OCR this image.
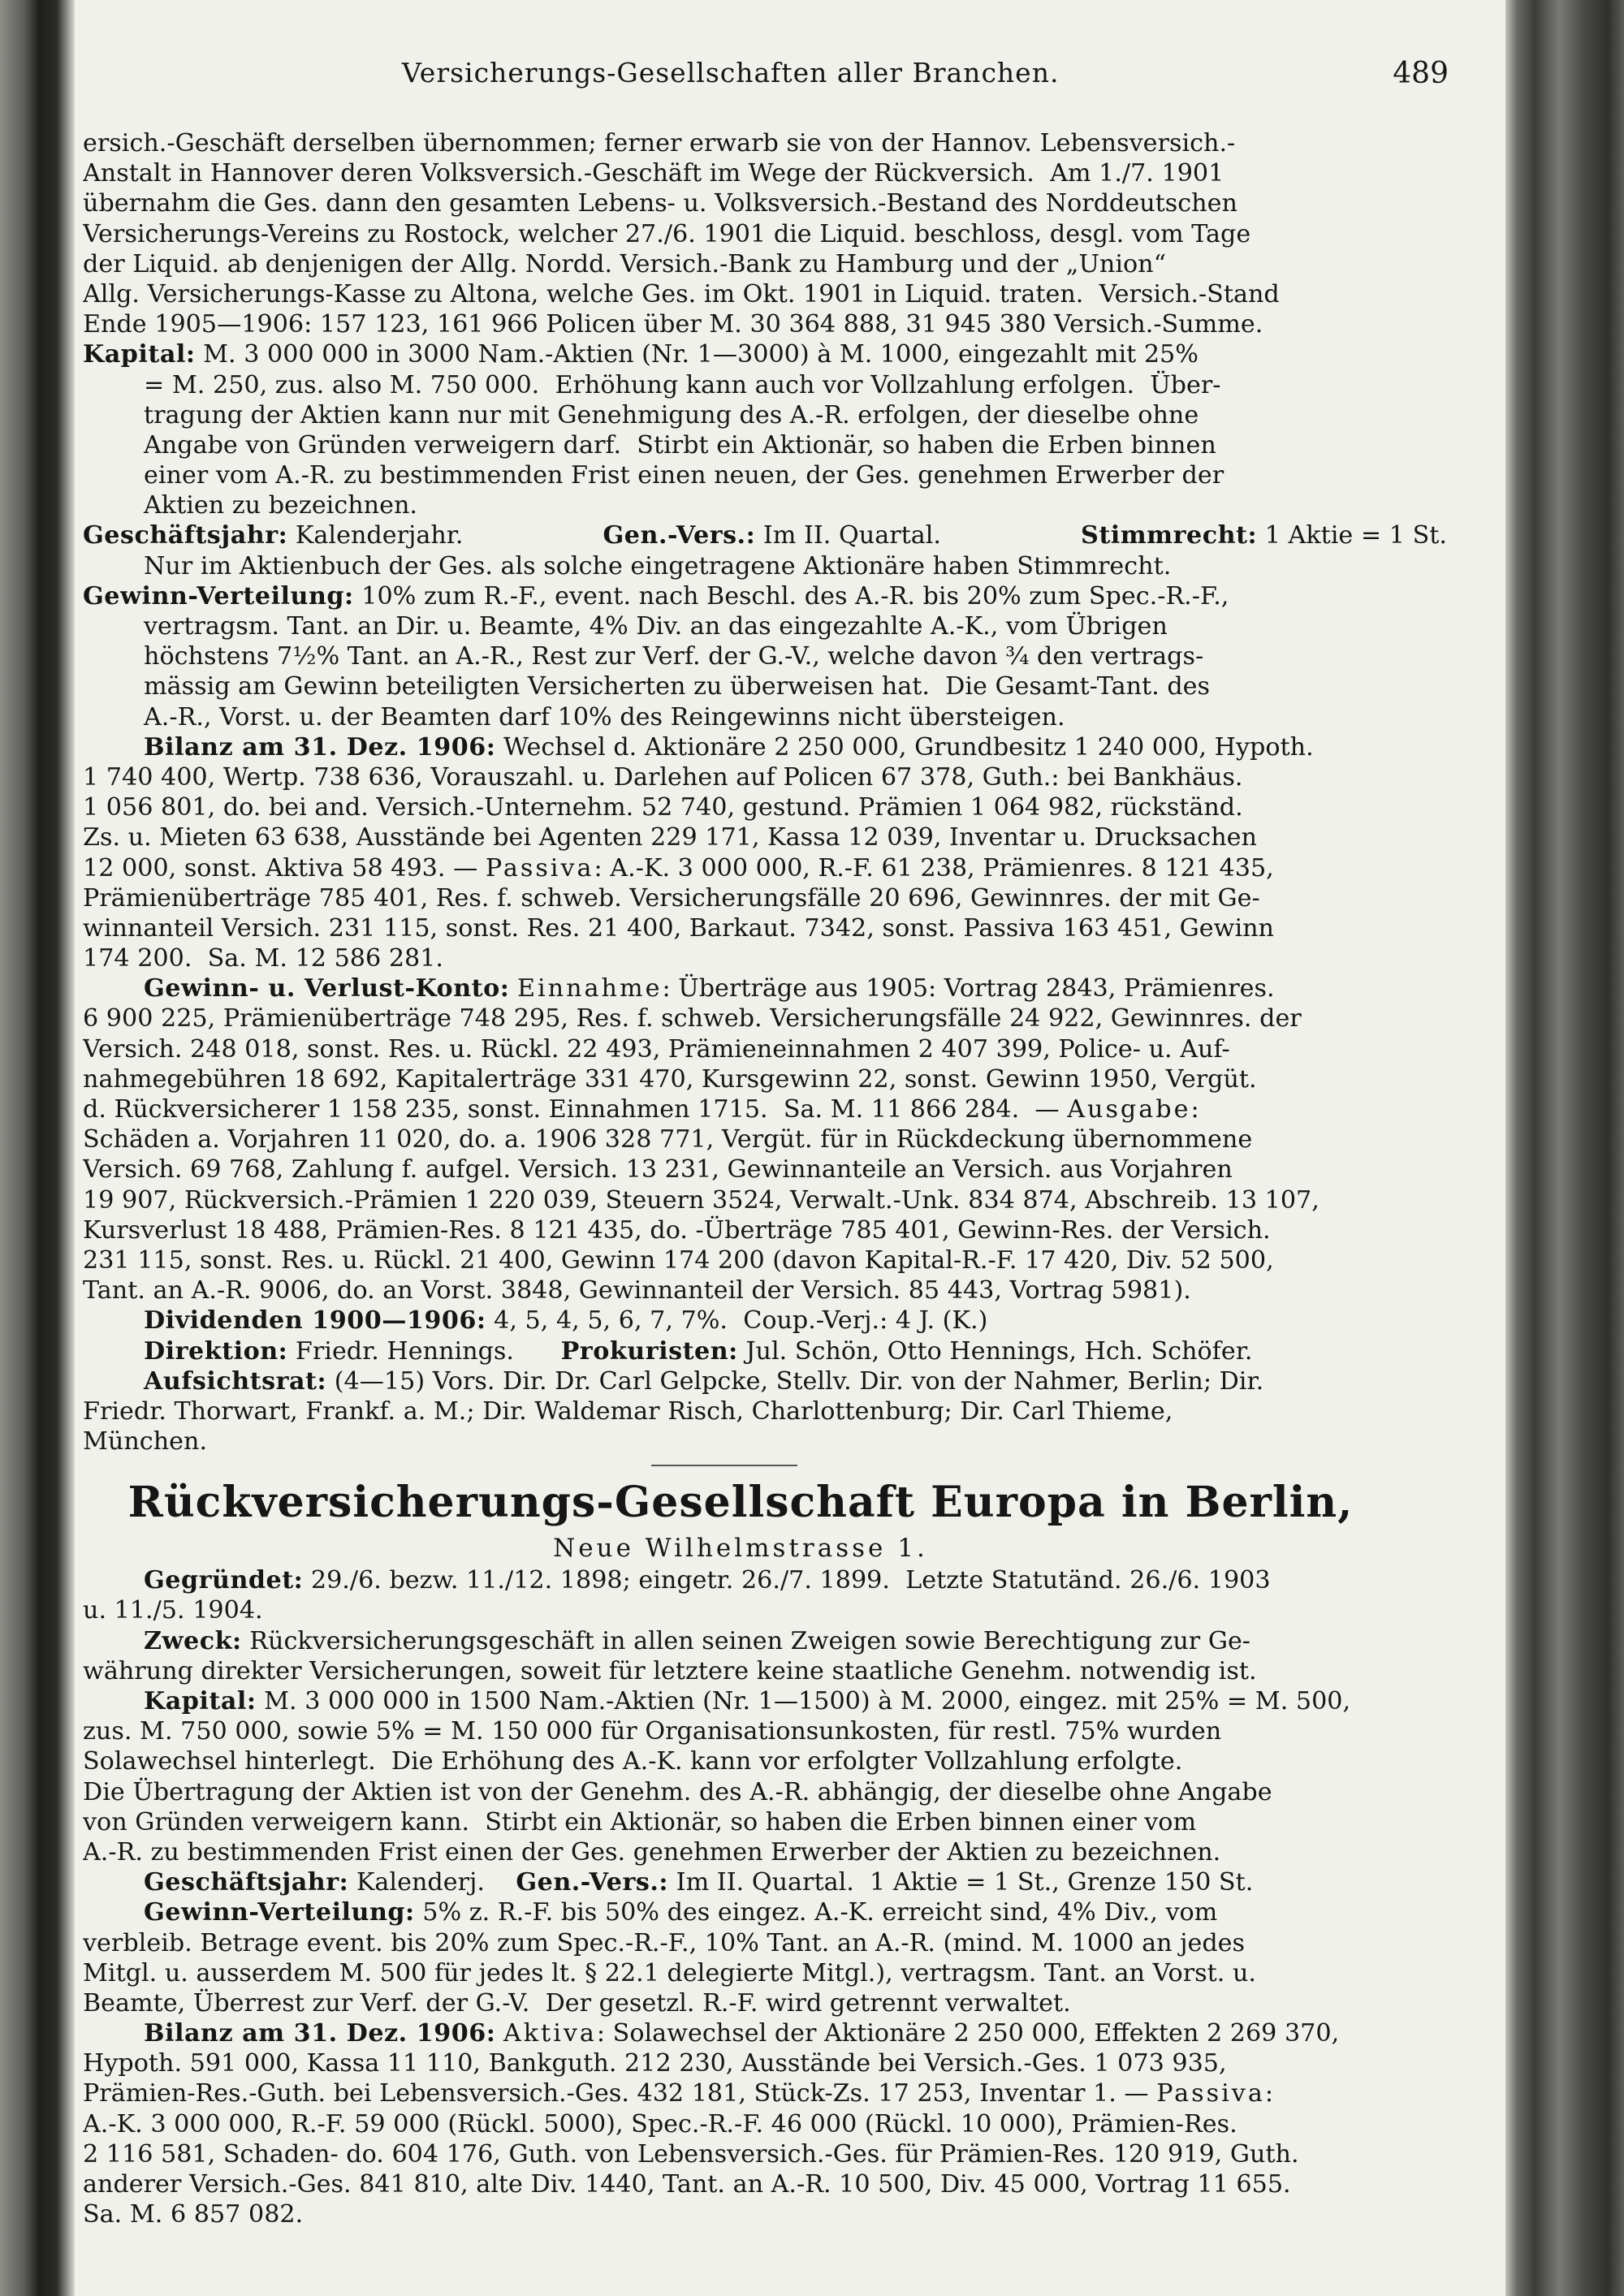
Versicherungs-Gesellschaften aller Branchen.	489
ersich.-Geschäft derselben übernommen; ferner erwarb sie von der Hannov. Lebensversich.-
Anstalt in Hannover deren Volksversich.-Geschäft im Wege der Rückversich.  Am 1./7. 1901
übernahm die Ges. dann den gesamten Lebens- u. Volksversich.-Bestand des Norddeutschen
Versicherungs-Vereins zu Rostock, welcher 27./6. 1901 die Liquid. beschloss, desgl. vom Tage
der Liquid. ab denjenigen der Allg. Nordd. Versich.-Bank zu Hamburg und der „Union“
Allg. Versicherungs-Kasse zu Altona, welche Ges. im Okt. 1901 in Liquid. traten.  Versich.-Stand
Ende 1905—1906: 157 123, 161 966 Policen über M. 30 364 888, 31 945 380 Versich.-Summe.
Kapital: M. 3 000 000 in 3000 Nam.-Aktien (Nr. 1—3000) à M. 1000, eingezahlt mit 25%
= M. 250, zus. also M. 750 000.  Erhöhung kann auch vor Vollzahlung erfolgen.  Über-
tragung der Aktien kann nur mit Genehmigung des A.-R. erfolgen, der dieselbe ohne
Angabe von Gründen verweigern darf.  Stirbt ein Aktionär, so haben die Erben binnen
einer vom A.-R. zu bestimmenden Frist einen neuen, der Ges. genehmen Erwerber der
Aktien zu bezeichnen.
Geschäftsjahr: Kalenderjahr.	Gen.-Vers.: Im II. Quartal.	Stimmrecht: 1 Aktie = 1 St.
Nur im Aktienbuch der Ges. als solche eingetragene Aktionäre haben Stimmrecht.
Gewinn-Verteilung: 10% zum R.-F., event. nach Beschl. des A.-R. bis 20% zum Spec.-R.-F.,
vertragsm. Tant. an Dir. u. Beamte, 4% Div. an das eingezahlte A.-K., vom Übrigen
höchstens 7½% Tant. an A.-R., Rest zur Verf. der G.-V., welche davon ¾ den vertrags-
mässig am Gewinn beteiligten Versicherten zu überweisen hat.  Die Gesamt-Tant. des
A.-R., Vorst. u. der Beamten darf 10% des Reingewinns nicht übersteigen.
Bilanz am 31. Dez. 1906: Wechsel d. Aktionäre 2 250 000, Grundbesitz 1 240 000, Hypoth.
1 740 400, Wertp. 738 636, Vorauszahl. u. Darlehen auf Policen 67 378, Guth.: bei Bankhäus.
1 056 801, do. bei and. Versich.-Unternehm. 52 740, gestund. Prämien 1 064 982, rückständ.
Zs. u. Mieten 63 638, Ausstände bei Agenten 229 171, Kassa 12 039, Inventar u. Drucksachen
12 000, sonst. Aktiva 58 493. — Passiva: A.-K. 3 000 000, R.-F. 61 238, Prämienres. 8 121 435,
Prämienüberträge 785 401, Res. f. schweb. Versicherungsfälle 20 696, Gewinnres. der mit Ge-
winnanteil Versich. 231 115, sonst. Res. 21 400, Barkaut. 7342, sonst. Passiva 163 451, Gewinn
174 200.  Sa. M. 12 586 281.
Gewinn- u. Verlust-Konto: Einnahme: Überträge aus 1905: Vortrag 2843, Prämienres.
6 900 225, Prämienüberträge 748 295, Res. f. schweb. Versicherungsfälle 24 922, Gewinnres. der
Versich. 248 018, sonst. Res. u. Rückl. 22 493, Prämieneinnahmen 2 407 399, Police- u. Auf-
nahmegebühren 18 692, Kapitalerträge 331 470, Kursgewinn 22, sonst. Gewinn 1950, Vergüt.
d. Rückversicherer 1 158 235, sonst. Einnahmen 1715.  Sa. M. 11 866 284.  — Ausgabe:
Schäden a. Vorjahren 11 020, do. a. 1906 328 771, Vergüt. für in Rückdeckung übernommene
Versich. 69 768, Zahlung f. aufgel. Versich. 13 231, Gewinnanteile an Versich. aus Vorjahren
19 907, Rückversich.-Prämien 1 220 039, Steuern 3524, Verwalt.-Unk. 834 874, Abschreib. 13 107,
Kursverlust 18 488, Prämien-Res. 8 121 435, do. -Überträge 785 401, Gewinn-Res. der Versich.
231 115, sonst. Res. u. Rückl. 21 400, Gewinn 174 200 (davon Kapital-R.-F. 17 420, Div. 52 500,
Tant. an A.-R. 9006, do. an Vorst. 3848, Gewinnanteil der Versich. 85 443, Vortrag 5981).
Dividenden 1900—1906: 4, 5, 4, 5, 6, 7, 7%.  Coup.-Verj.: 4 J. (K.)
Direktion: Friedr. Hennings. Prokuristen: Jul. Schön, Otto Hennings, Hch. Schöfer.
Aufsichtsrat: (4—15) Vors. Dir. Dr. Carl Gelpcke, Stellv. Dir. von der Nahmer, Berlin; Dir.
Friedr. Thorwart, Frankf. a. M.; Dir. Waldemar Risch, Charlottenburg; Dir. Carl Thieme,
München.
Rückversicherungs-Gesellschaft Europa in Berlin,
Neue Wilhelmstrasse 1.
Gegründet: 29./6. bezw. 11./12. 1898; eingetr. 26./7. 1899.  Letzte Statutänd. 26./6. 1903
u. 11./5. 1904.
Zweck: Rückversicherungsgeschäft in allen seinen Zweigen sowie Berechtigung zur Ge-
währung direkter Versicherungen, soweit für letztere keine staatliche Genehm. notwendig ist.
Kapital: M. 3 000 000 in 1500 Nam.-Aktien (Nr. 1—1500) à M. 2000, eingez. mit 25% = M. 500,
zus. M. 750 000, sowie 5% = M. 150 000 für Organisationsunkosten, für restl. 75% wurden
Solawechsel hinterlegt.  Die Erhöhung des A.-K. kann vor erfolgter Vollzahlung erfolgte.
Die Übertragung der Aktien ist von der Genehm. des A.-R. abhängig, der dieselbe ohne Angabe
von Gründen verweigern kann.  Stirbt ein Aktionär, so haben die Erben binnen einer vom
A.-R. zu bestimmenden Frist einen der Ges. genehmen Erwerber der Aktien zu bezeichnen.
Geschäftsjahr: Kalenderj. Gen.-Vers.: Im II. Quartal.  1 Aktie = 1 St., Grenze 150 St.
Gewinn-Verteilung: 5% z. R.-F. bis 50% des eingez. A.-K. erreicht sind, 4% Div., vom
verbleib. Betrage event. bis 20% zum Spec.-R.-F., 10% Tant. an A.-R. (mind. M. 1000 an jedes
Mitgl. u. ausserdem M. 500 für jedes lt. § 22.1 delegierte Mitgl.), vertragsm. Tant. an Vorst. u.
Beamte, Überrest zur Verf. der G.-V.  Der gesetzl. R.-F. wird getrennt verwaltet.
Bilanz am 31. Dez. 1906: Aktiva: Solawechsel der Aktionäre 2 250 000, Effekten 2 269 370,
Hypoth. 591 000, Kassa 11 110, Bankguth. 212 230, Ausstände bei Versich.-Ges. 1 073 935,
Prämien-Res.-Guth. bei Lebensversich.-Ges. 432 181, Stück-Zs. 17 253, Inventar 1. — Passiva:
A.-K. 3 000 000, R.-F. 59 000 (Rückl. 5000), Spec.-R.-F. 46 000 (Rückl. 10 000), Prämien-Res.
2 116 581, Schaden- do. 604 176, Guth. von Lebensversich.-Ges. für Prämien-Res. 120 919, Guth.
anderer Versich.-Ges. 841 810, alte Div. 1440, Tant. an A.-R. 10 500, Div. 45 000, Vortrag 11 655.
Sa. M. 6 857 082.
